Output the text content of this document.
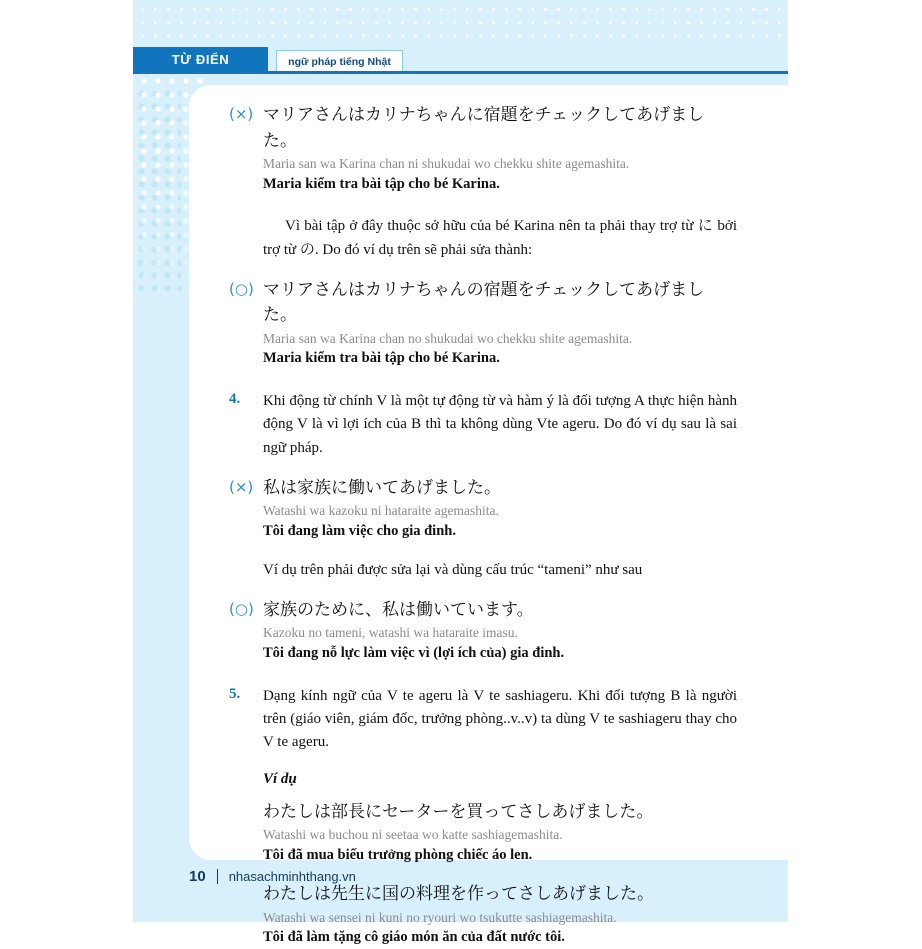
TỪ ĐIỂN	ngữ pháp tiếng Nhật
(×) マリアさんはカリナちゃんに宿題をチェックしてあげました。
Maria san wa Karina chan ni shukudai wo chekku shite agemashita.
Maria kiểm tra bài tập cho bé Karina.
Vì bài tập ở đây thuộc sở hữu của bé Karina nên ta phải thay trợ từ に bởi trợ từ の. Do đó ví dụ trên sẽ phải sửa thành:
(○) マリアさんはカリナちゃんの宿題をチェックしてあげました。
Maria san wa Karina chan no shukudai wo chekku shite agemashita.
Maria kiểm tra bài tập cho bé Karina.
4.	Khi động từ chính V là một tự động từ và hàm ý là đối tượng A thực hiện hành động V là vì lợi ích của B thì ta không dùng Vte ageru. Do đó ví dụ sau là sai ngữ pháp.
(×) 私は家族に働いてあげました。
Watashi wa kazoku ni hataraite agemashita.
Tôi đang làm việc cho gia đinh.
Ví dụ trên phải được sửa lại và dùng cấu trúc “tameni” như sau
(○) 家族のために、私は働いています。
Kazoku no tameni, watashi wa hataraite imasu.
Tôi đang nỗ lực làm việc vì (lợi ích của) gia đinh.
5.	Dạng kính ngữ của V te ageru là V te sashiageru. Khi đối tượng B là người trên (giáo viên, giám đốc, trưởng phòng..v..v) ta dùng V te sashiageru thay cho V te ageru.
Ví dụ
わたしは部長にセーターを買ってさしあげました。
Watashi wa buchou ni seetaa wo katte sashiagemashita.
Tôi đã mua biếu trưởng phòng chiếc áo len.
わたしは先生に国の料理を作ってさしあげました。
Watashi wa sensei ni kuni no ryouri wo tsukutte sashiagemashita.
Tôi đã làm tặng cô giáo món ăn của đất nước tôi.
10 nhasachminhthang.vn
